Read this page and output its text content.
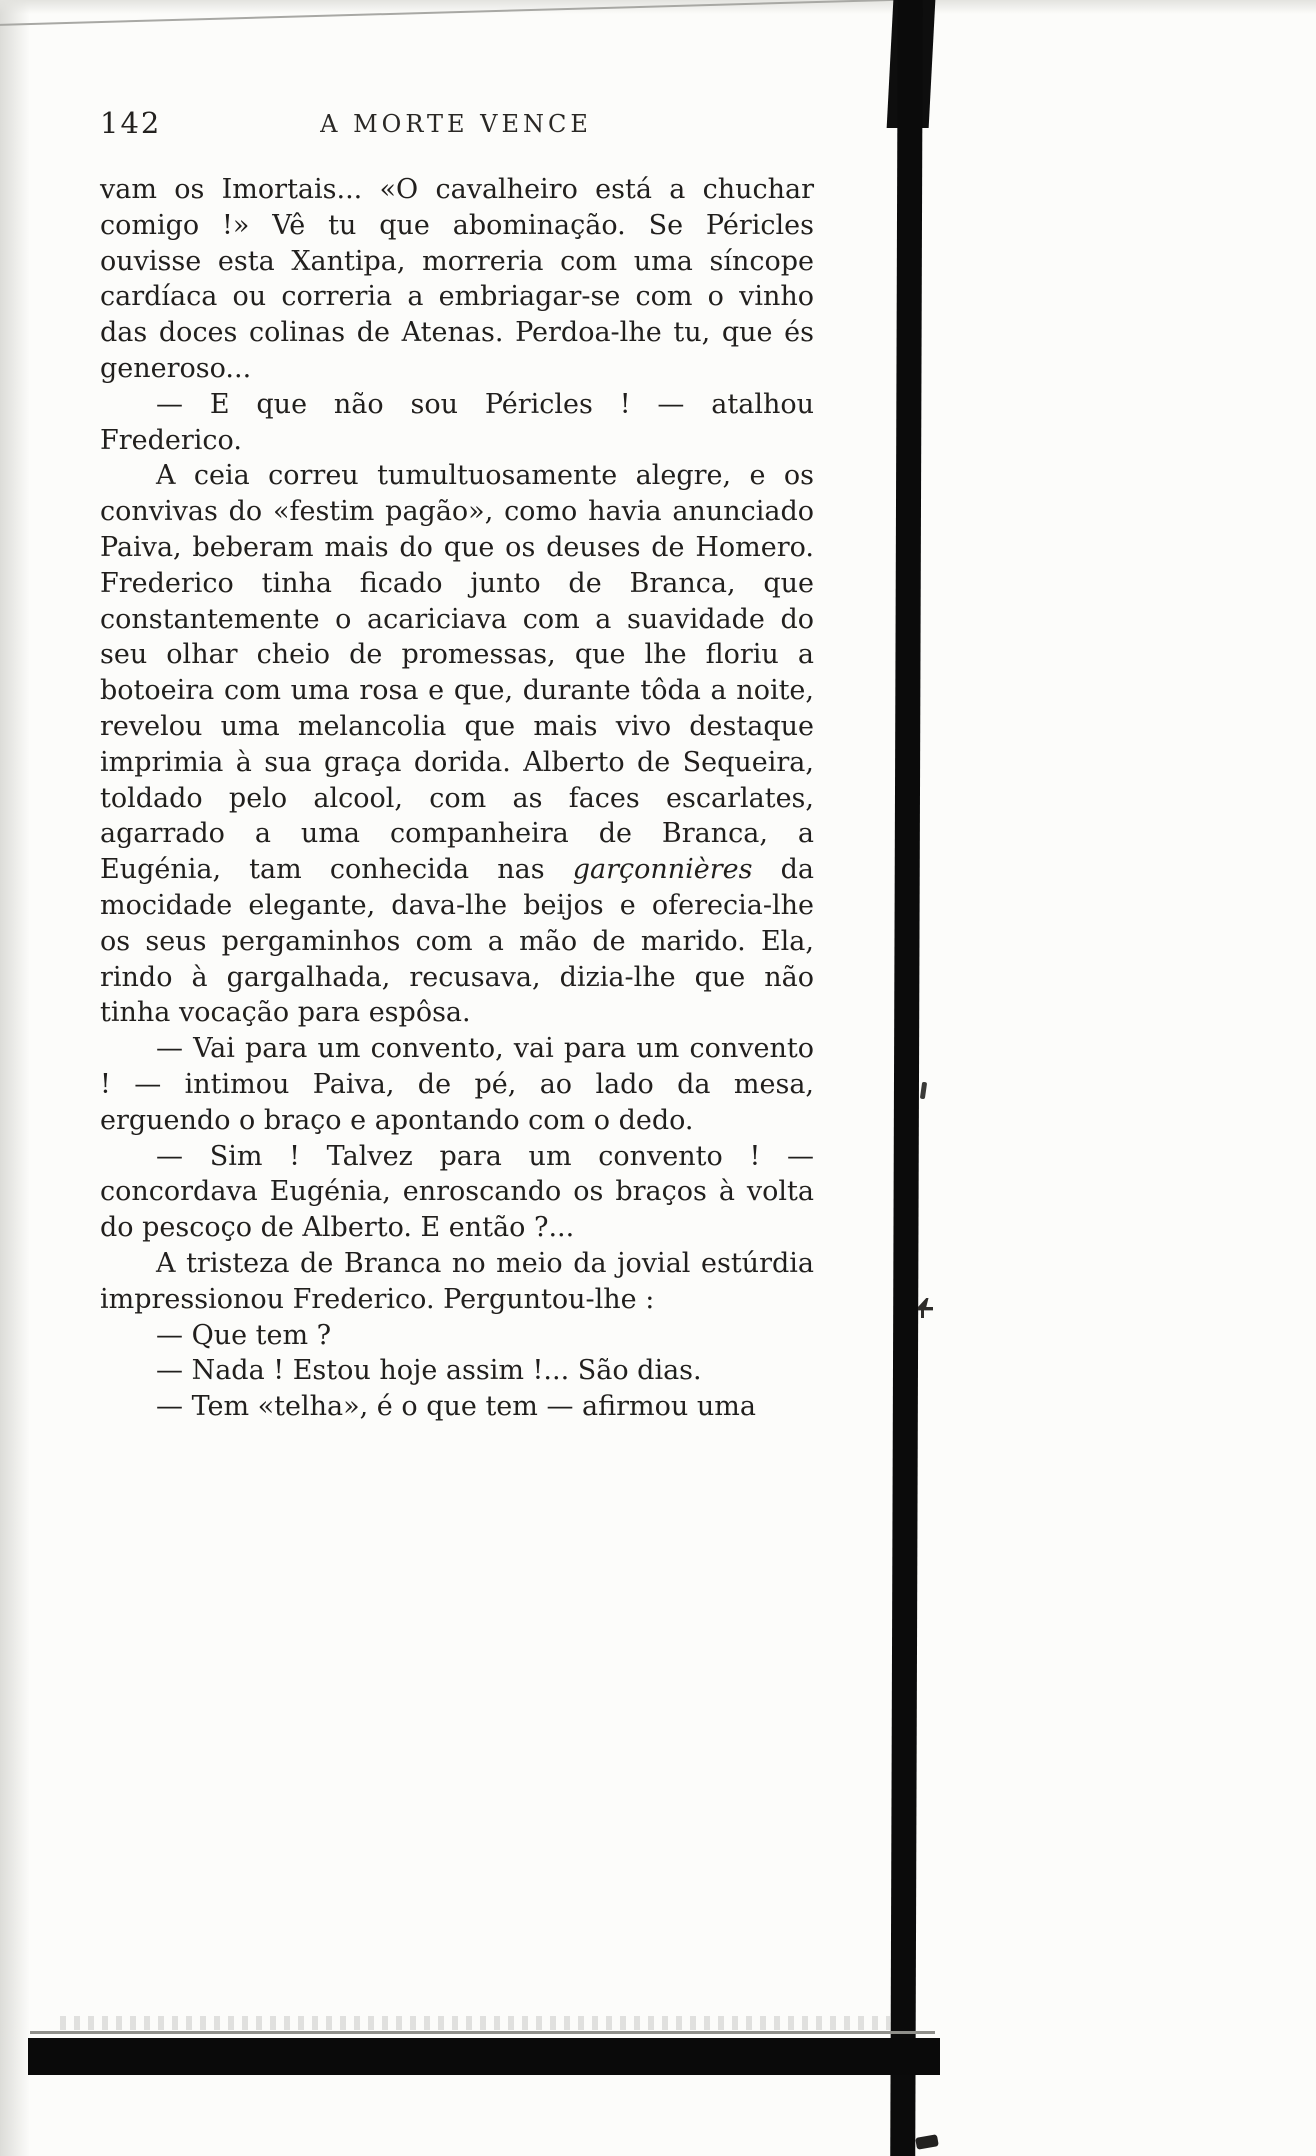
142	A MORTE VENCE

vam os Imortais... «O cavalheiro está a chuchar comigo !» Vê tu que abominação. Se Péricles ouvisse esta Xantipa, morreria com uma síncope cardíaca ou correria a embriagar-se com o vinho das doces colinas de Atenas. Perdoa-lhe tu, que és generoso...

— E que não sou Péricles ! — atalhou Frederico.

A ceia correu tumultuosamente alegre, e os convivas do «festim pagão», como havia anunciado Paiva, beberam mais do que os deuses de Homero. Frederico tinha ficado junto de Branca, que constantemente o acariciava com a suavidade do seu olhar cheio de promessas, que lhe floriu a botoeira com uma rosa e que, durante tôda a noite, revelou uma melancolia que mais vivo destaque imprimia à sua graça dorida. Alberto de Sequeira, toldado pelo alcool, com as faces escarlates, agarrado a uma companheira de Branca, a Eugénia, tam conhecida nas garçonnières da mocidade elegante, dava-lhe beijos e oferecia-lhe os seus pergaminhos com a mão de marido. Ela, rindo à gargalhada, recusava, dizia-lhe que não tinha vocação para espôsa.

— Vai para um convento, vai para um convento ! — intimou Paiva, de pé, ao lado da mesa, erguendo o braço e apontando com o dedo.

— Sim ! Talvez para um convento ! — concordava Eugénia, enroscando os braços à volta do pescoço de Alberto. E então ?...

A tristeza de Branca no meio da jovial estúrdia impressionou Frederico. Perguntou-lhe :

— Que tem ?

— Nada ! Estou hoje assim !... São dias.

— Tem «telha», é o que tem — afirmou uma
